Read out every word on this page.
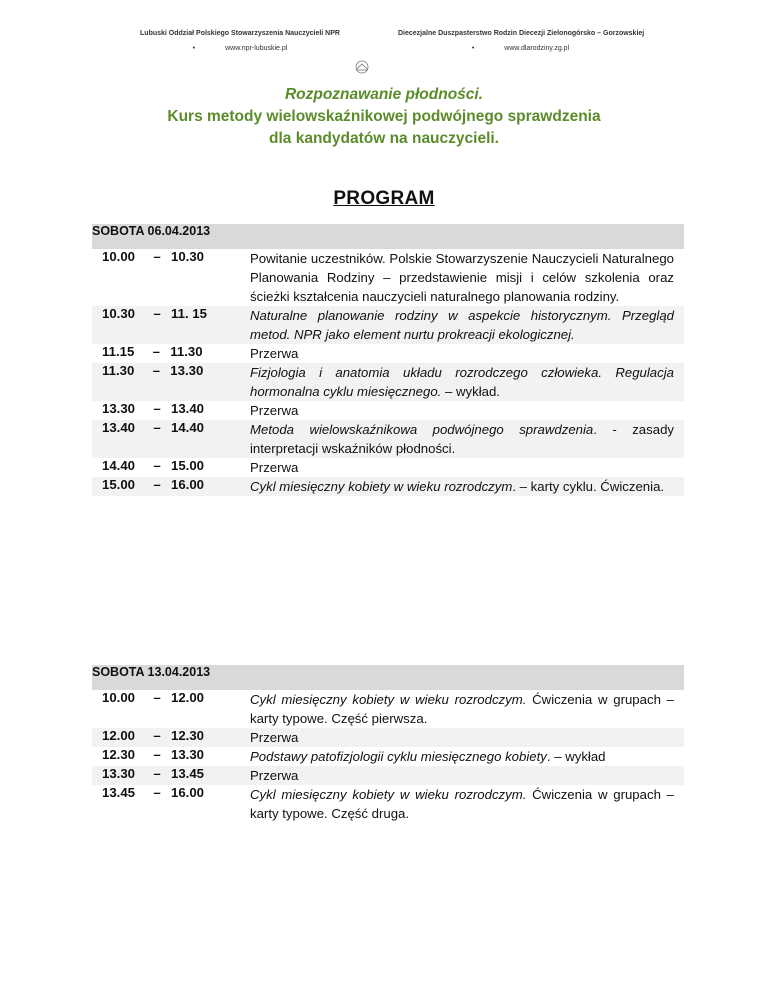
Lubuski Oddział Polskiego Stowarzyszenia Nauczycieli NPR
•	www.npr-lubuskie.pl
Diecezjalne Duszpasterstwo Rodzin Diecezji Zielonogórsko – Gorzowskiej
•	www.dlarodziny.zg.pl
Rozpoznawanie płodności.
Kurs metody wielowskaźnikowej podwójnego sprawdzenia
dla kandydatów na nauczycieli.
PROGRAM
SOBOTA 06.04.2013	
10.00 – 10.30	Powitanie uczestników. Polskie Stowarzyszenie Nauczycieli Naturalnego Planowania Rodziny – przedstawienie misji i celów szkolenia oraz ścieżki kształcenia nauczycieli naturalnego planowania rodziny.
10.30 – 11. 15	Naturalne planowanie rodziny w aspekcie historycznym. Przegląd metod. NPR jako element nurtu prokreacji ekologicznej.
11.15 – 11.30	Przerwa
11.30 – 13.30	Fizjologia i anatomia układu rozrodczego człowieka. Regulacja hormonalna cyklu miesięcznego. – wykład.
13.30 – 13.40	Przerwa
13.40 – 14.40	Metoda wielowskaźnikowa podwójnego sprawdzenia. - zasady interpretacji wskaźników płodności.
14.40 – 15.00	Przerwa
15.00 – 16.00	Cykl miesięczny kobiety w wieku rozrodczym. – karty cyklu. Ćwiczenia.
SOBOTA 13.04.2013	
10.00 – 12.00	Cykl miesięczny kobiety w wieku rozrodczym. Ćwiczenia w grupach – karty typowe. Część pierwsza.
12.00 – 12.30	Przerwa
12.30 – 13.30	Podstawy patofizjologii cyklu miesięcznego kobiety. – wykład
13.30 – 13.45	Przerwa
13.45 – 16.00	Cykl miesięczny kobiety w wieku rozrodczym. Ćwiczenia w grupach – karty typowe. Część druga.
